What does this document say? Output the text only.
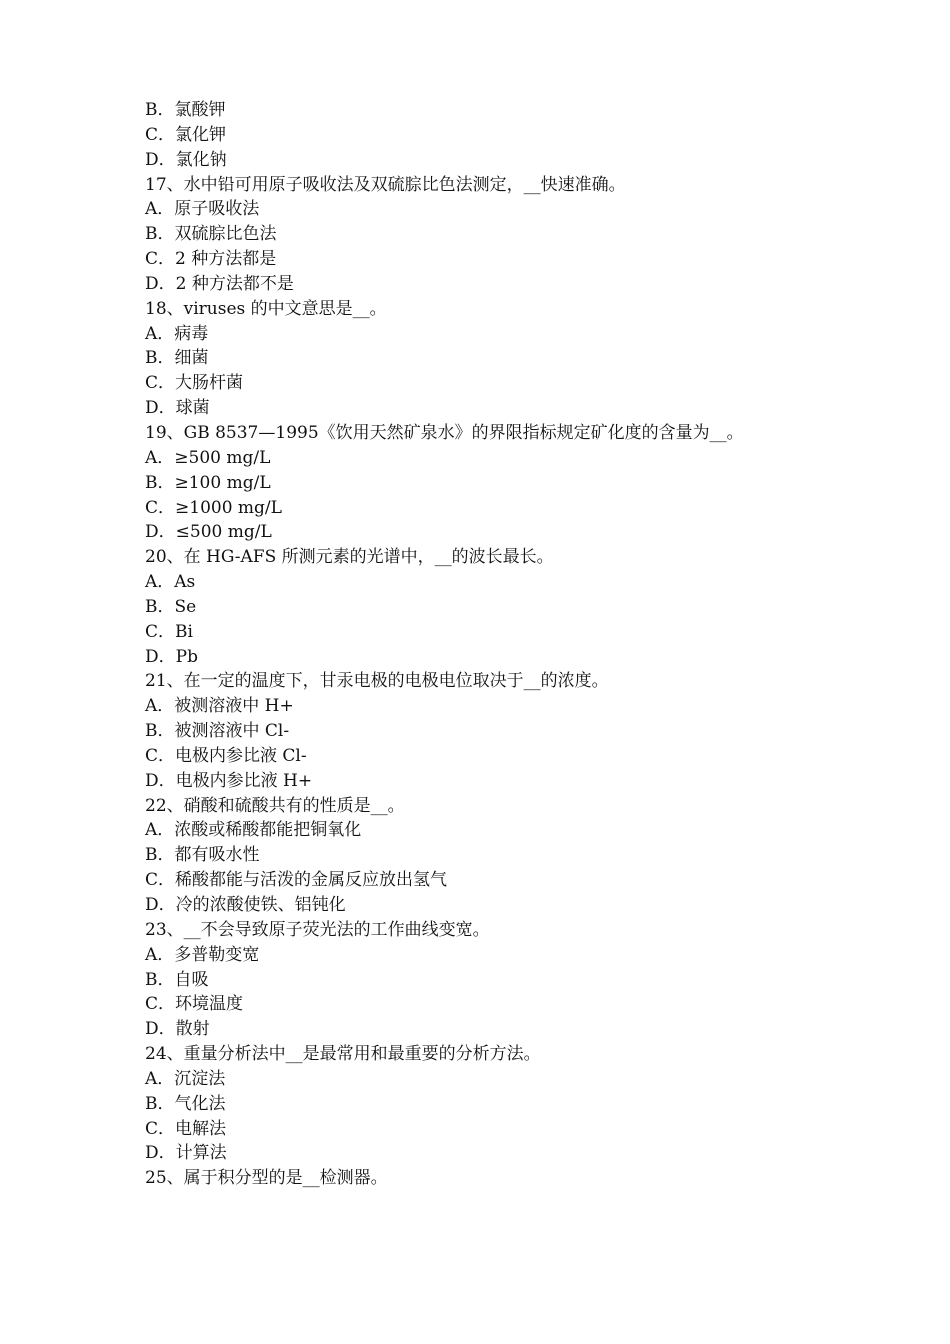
B．氯酸钾
C．氯化钾
D．氯化钠
17、水中铅可用原子吸收法及双硫腙比色法测定，__快速准确。
A．原子吸收法
B．双硫腙比色法
C．2 种方法都是
D．2 种方法都不是
18、viruses 的中文意思是__。
A．病毒
B．细菌
C．大肠杆菌
D．球菌
19、GB 8537—1995《饮用天然矿泉水》的界限指标规定矿化度的含量为__。
A．≥500 mg/L
B．≥100 mg/L
C．≥1000 mg/L
D．≤500 mg/L
20、在 HG-AFS 所测元素的光谱中，__的波长最长。
A．As
B．Se
C．Bi
D．Pb
21、在一定的温度下，甘汞电极的电极电位取决于__的浓度。
A．被测溶液中 H+
B．被测溶液中 Cl-
C．电极内参比液 Cl-
D．电极内参比液 H+
22、硝酸和硫酸共有的性质是__。
A．浓酸或稀酸都能把铜氧化
B．都有吸水性
C．稀酸都能与活泼的金属反应放出氢气
D．冷的浓酸使铁、铝钝化
23、__不会导致原子荧光法的工作曲线变宽。
A．多普勒变宽
B．自吸
C．环境温度
D．散射
24、重量分析法中__是最常用和最重要的分析方法。
A．沉淀法
B．气化法
C．电解法
D．计算法
25、属于积分型的是__检测器。
